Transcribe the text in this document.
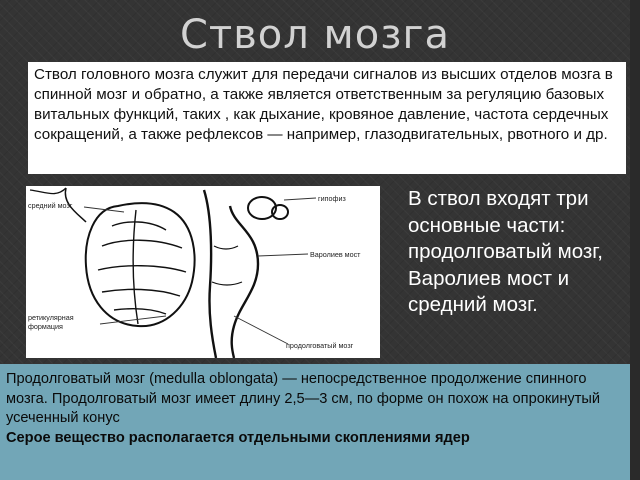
Ствол мозга
Ствол головного мозга служит для передачи сигналов из высших отделов мозга в спинной мозг и обратно, а также является ответственным за регуляцию базовых витальных функций, таких , как дыхание, кровяное давление, частота сердечных сокращений, а также рефлексов — например, глазодвигательных, рвотного и др.
средний мозг
гипофиз
Варолиев мост
ретикулярная
формация
продолговатый мозг
В ствол входят три основные части: продолговатый мозг, Варолиев мост и средний мозг.
Продолговатый мозг (medulla oblongata) — непосредственное продолжение спинного мозга. Продолговатый мозг имеет длину 2,5—3 см, по форме он похож на опрокинутый усеченный конус
Серое вещество располагается отдельными скоплениями ядер
